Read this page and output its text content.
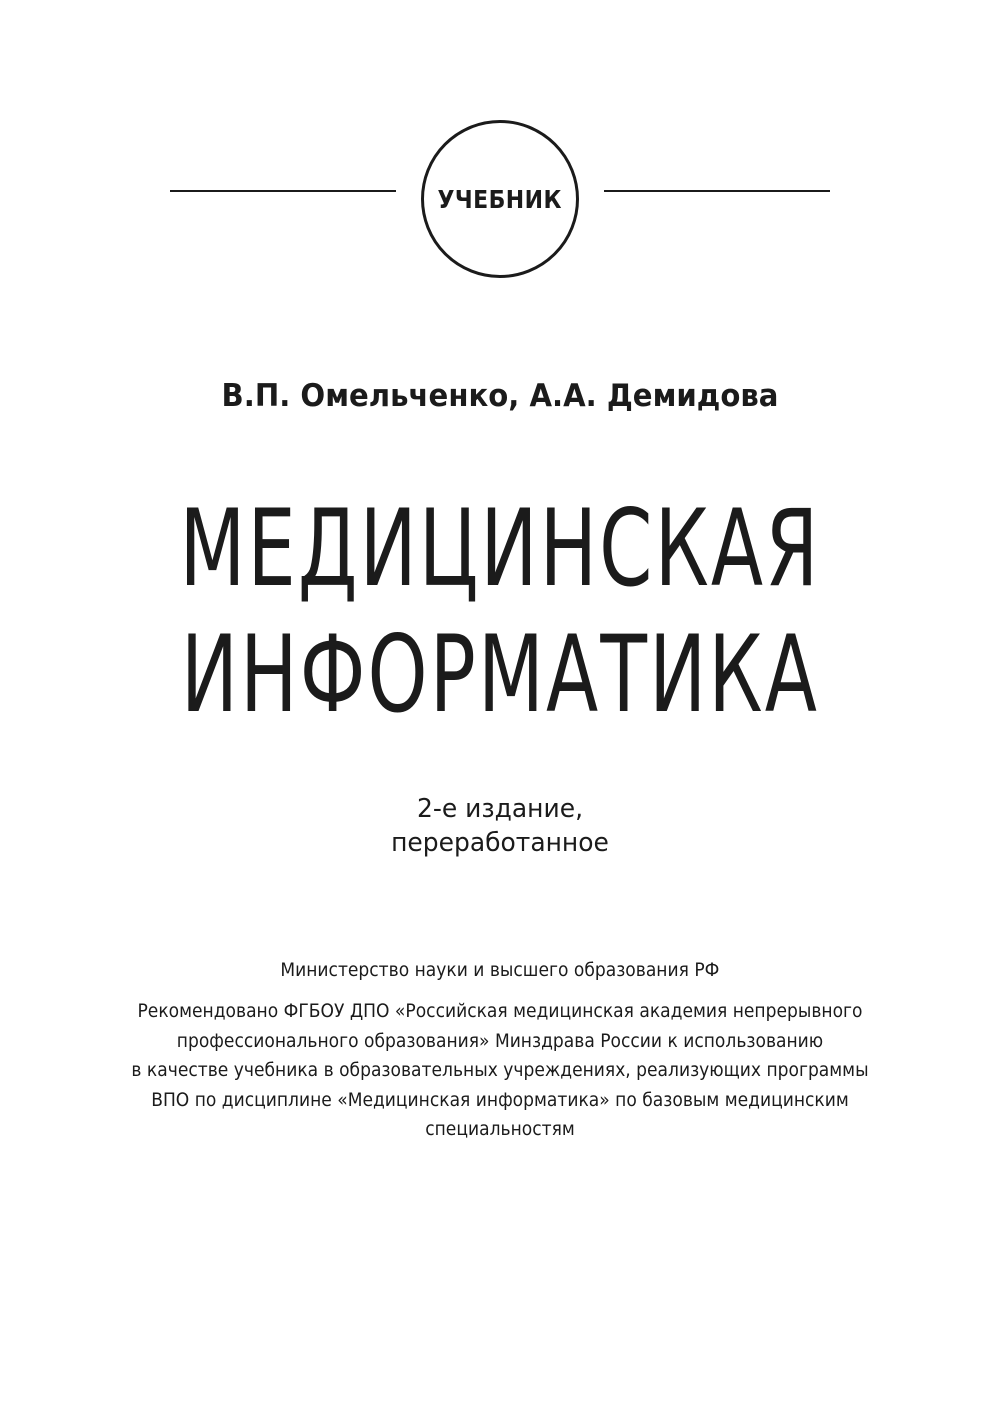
УЧЕБНИК
В.П. Омельченко, А.А. Демидова
МЕДИЦИНСКАЯ
ИНФОРМАТИКА
2-е издание,
переработанное
Министерство науки и высшего образования РФ
Рекомендовано ФГБОУ ДПО «Российская медицинская академия непрерывного
профессионального образования» Минздрава России к использованию
в качестве учебника в образовательных учреждениях, реализующих программы
ВПО по дисциплине «Медицинская информатика» по базовым медицинским
специальностям
